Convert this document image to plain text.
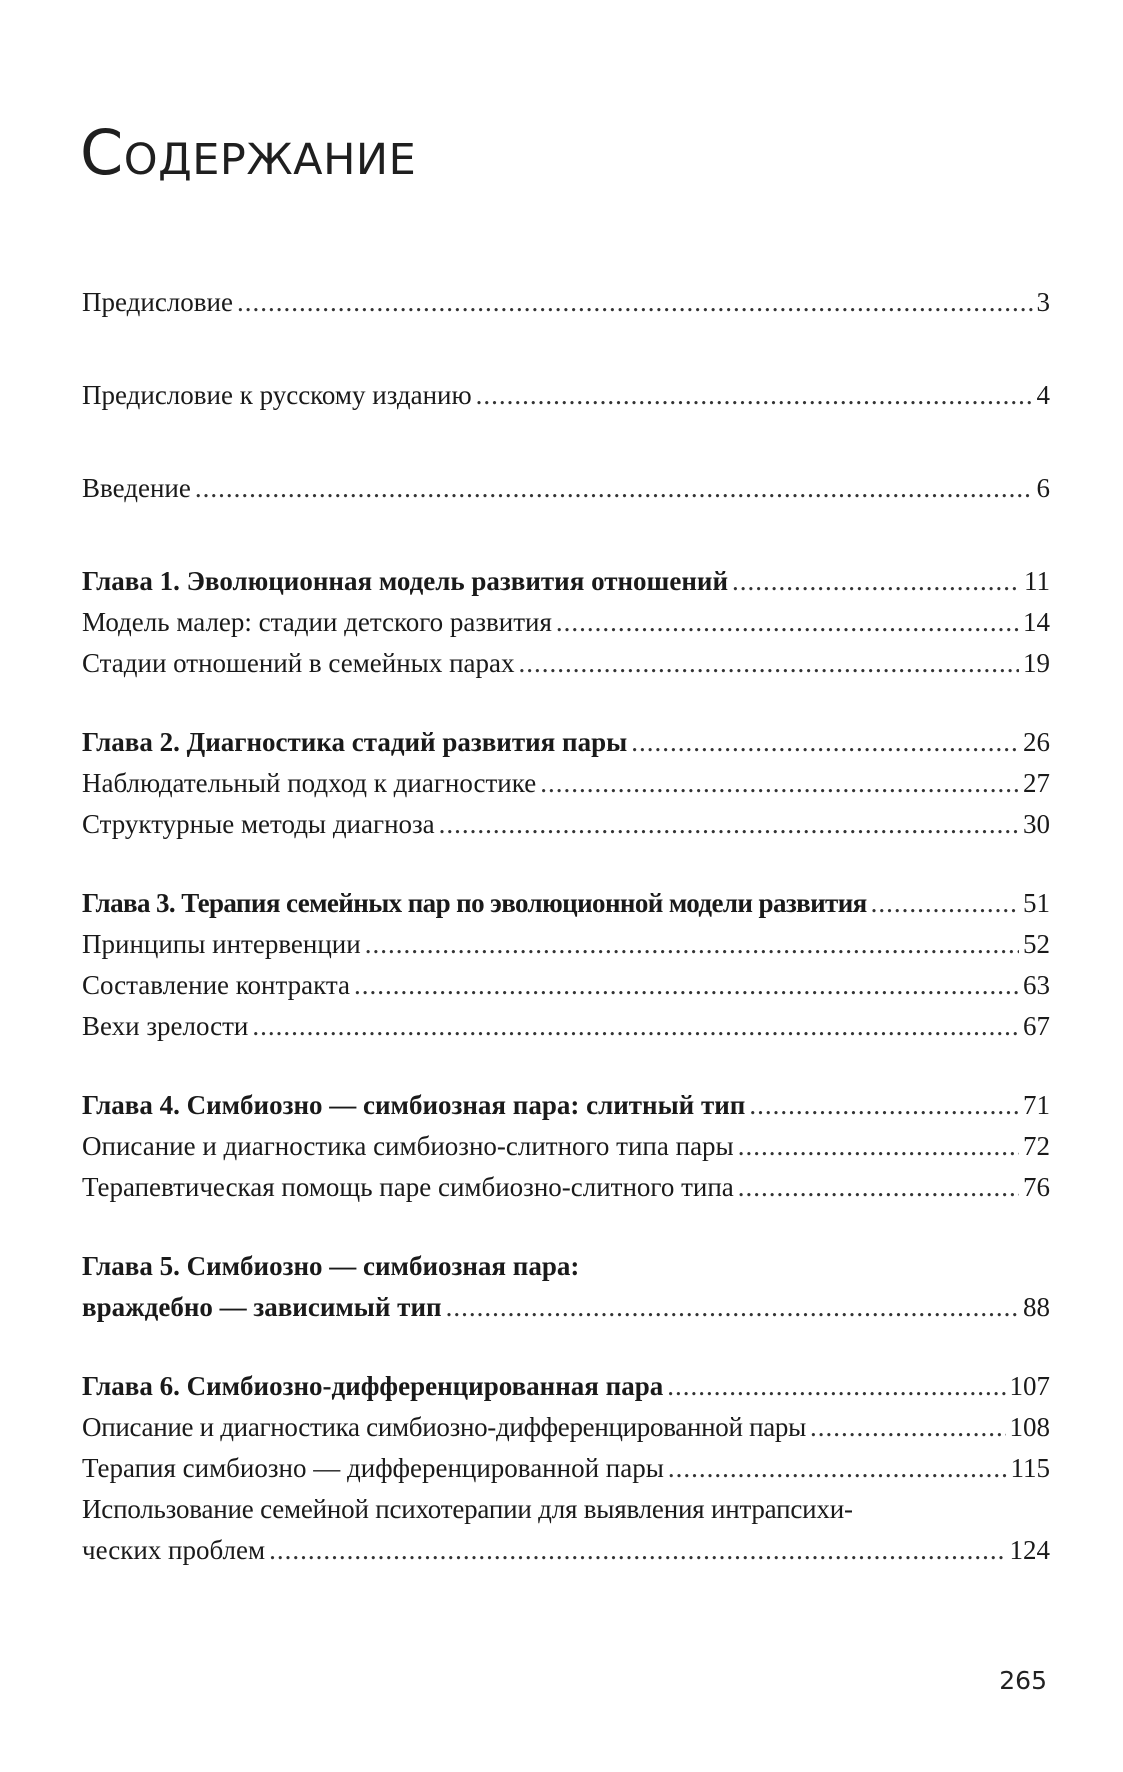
Содержание
Предисловие .....	3
Предисловие к русскому изданию .....	4
Введение .....	6
Глава 1. Эволюционная модель развития отношений .....	11
Модель малер: стадии детского развития .....	14
Стадии отношений в семейных парах .....	19
Глава 2. Диагностика стадий развития пары .....	26
Наблюдательный подход к диагностике .....	27
Структурные методы диагноза .....	30
Глава 3. Терапия семейных пар по эволюционной модели развития .....	51
Принципы интервенции .....	52
Составление контракта .....	63
Вехи зрелости .....	67
Глава 4. Симбиозно — симбиозная пара: слитный тип .....	71
Описание и диагностика симбиозно-слитного типа пары .....	72
Терапевтическая помощь паре симбиозно-слитного типа .....	76
Глава 5. Симбиозно — симбиозная пара:
враждебно — зависимый тип .....	88
Глава 6. Симбиозно-дифференцированная пара .....	107
Описание и диагностика симбиозно-дифференцированной пары .....	108
Терапия симбиозно — дифференцированной пары .....	115
Использование семейной психотерапии для выявления интрапсихи-
ческих проблем .....	124
265
